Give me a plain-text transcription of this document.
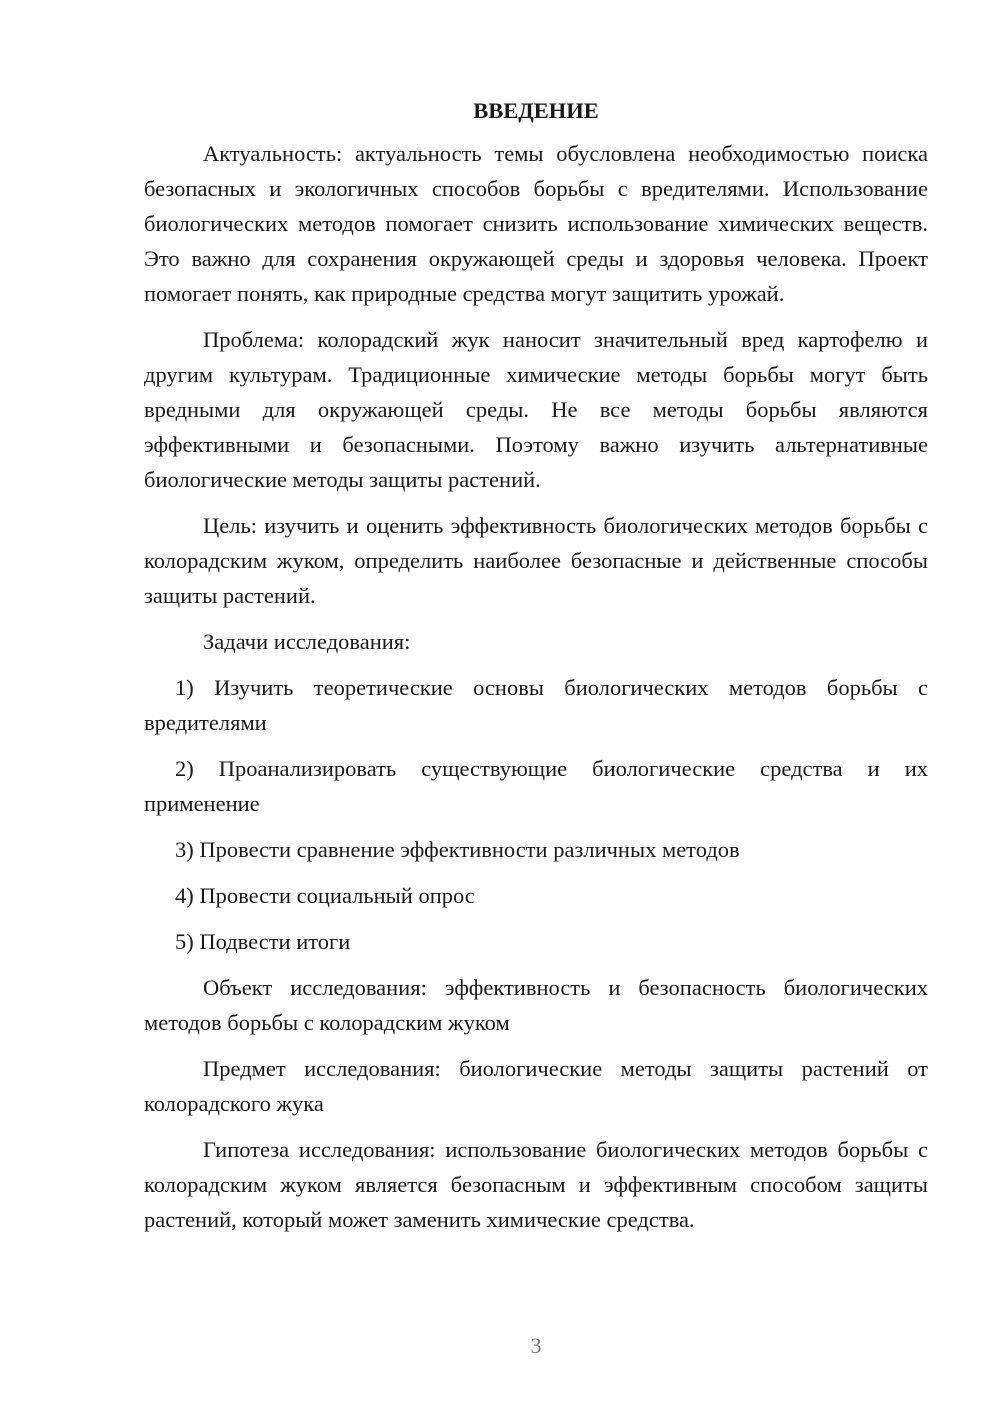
ВВЕДЕНИЕ

Актуальность: актуальность темы обусловлена необходимостью поиска безопасных и экологичных способов борьбы с вредителями. Использование биологических методов помогает снизить использование химических веществ. Это важно для сохранения окружающей среды и здоровья человека. Проект помогает понять, как природные средства могут защитить урожай.

Проблема: колорадский жук наносит значительный вред картофелю и другим культурам. Традиционные химические методы борьбы могут быть вредными для окружающей среды. Не все методы борьбы являются эффективными и безопасными. Поэтому важно изучить альтернативные биологические методы защиты растений.

Цель: изучить и оценить эффективность биологических методов борьбы с колорадским жуком, определить наиболее безопасные и действенные способы защиты растений.

Задачи исследования:

1) Изучить теоретические основы биологических методов борьбы с вредителями

2) Проанализировать существующие биологические средства и их применение

3) Провести сравнение эффективности различных методов

4) Провести социальный опрос

5) Подвести итоги

Объект исследования: эффективность и безопасность биологических методов борьбы с колорадским жуком

Предмет исследования: биологические методы защиты растений от колорадского жука

Гипотеза исследования: использование биологических методов борьбы с колорадским жуком является безопасным и эффективным способом защиты растений, который может заменить химические средства.

3
